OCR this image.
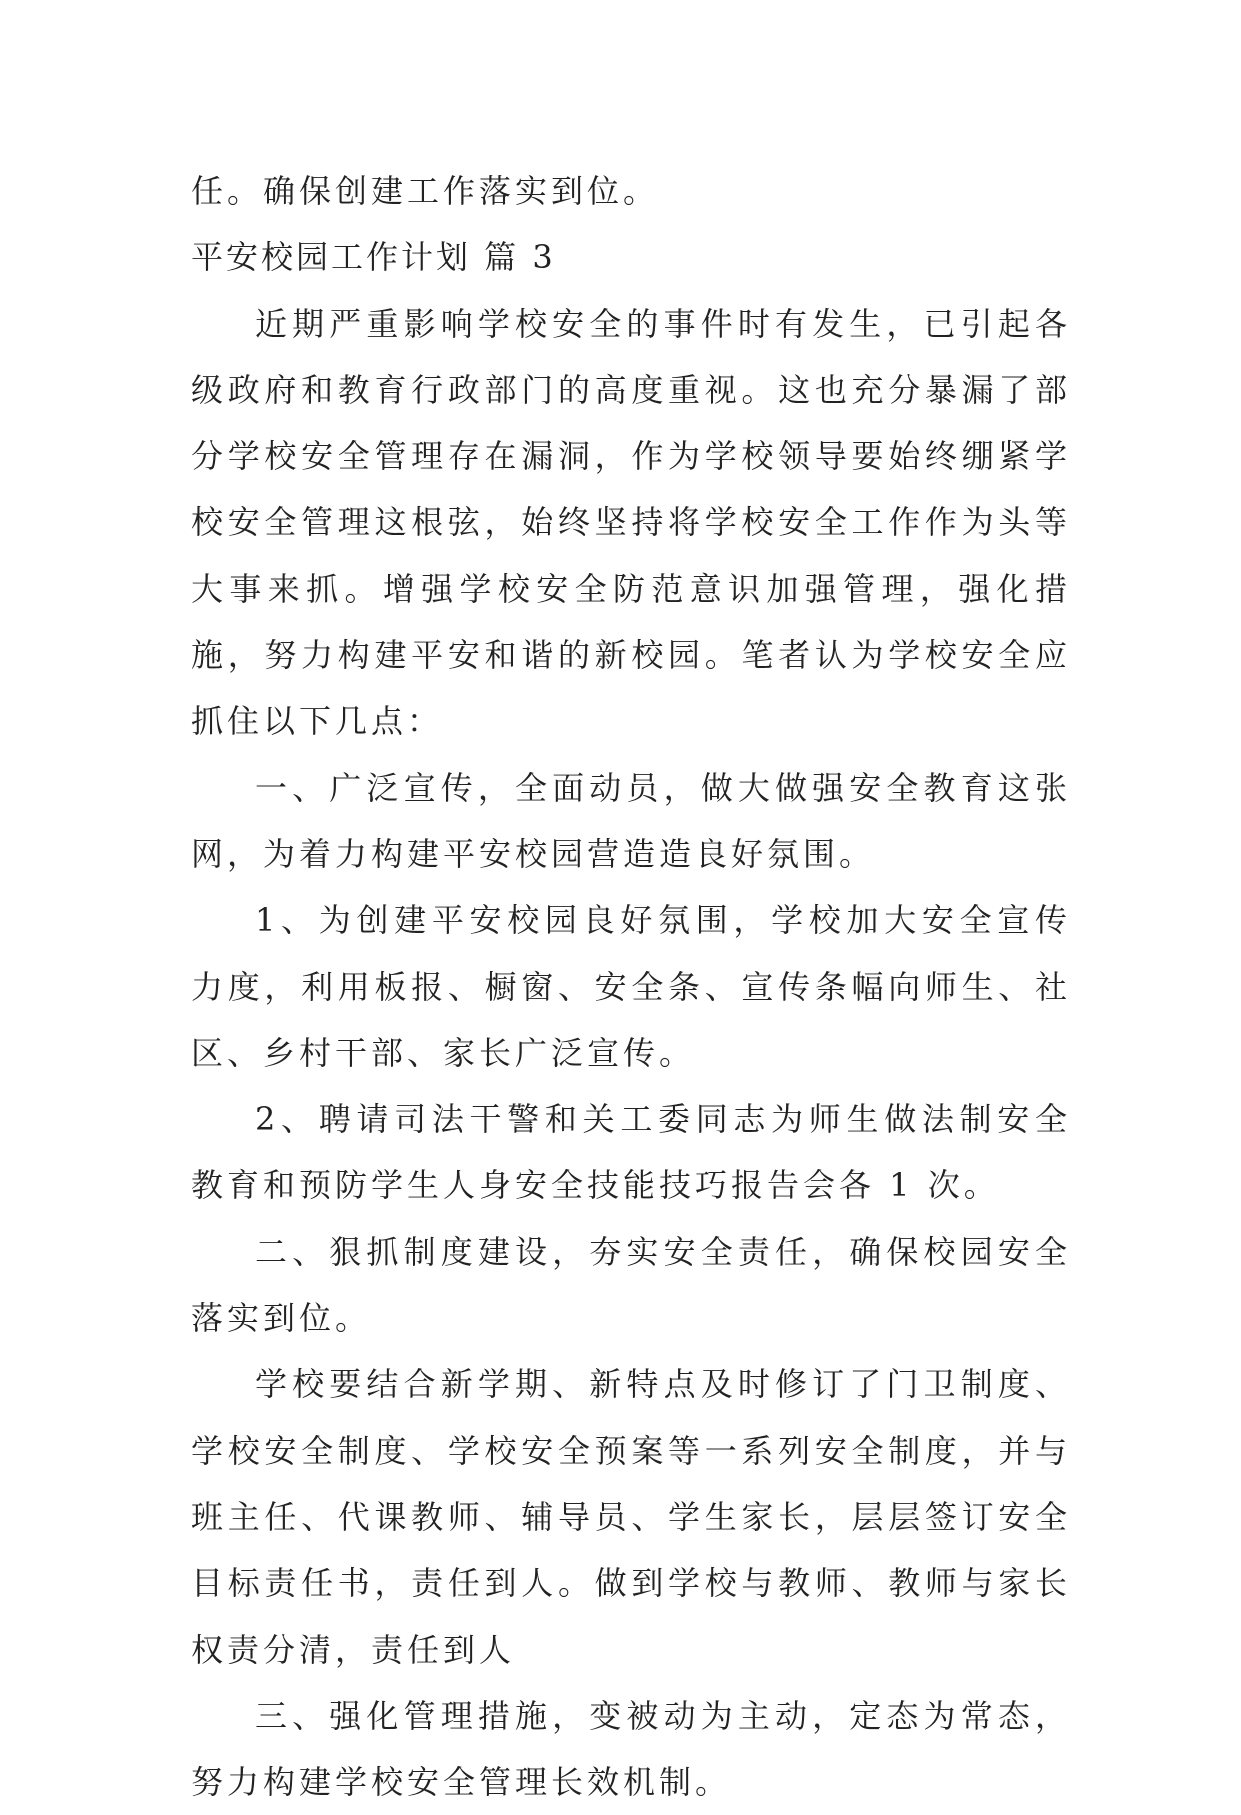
任。确保创建工作落实到位。

平安校园工作计划 篇 3

近期严重影响学校安全的事件时有发生，已引起各级政府和教育行政部门的高度重视。这也充分暴漏了部分学校安全管理存在漏洞，作为学校领导要始终绷紧学校安全管理这根弦，始终坚持将学校安全工作作为头等大事来抓。增强学校安全防范意识加强管理，强化措施，努力构建平安和谐的新校园。笔者认为学校安全应抓住以下几点：

一、广泛宣传，全面动员，做大做强安全教育这张网，为着力构建平安校园营造造良好氛围。

1、为创建平安校园良好氛围，学校加大安全宣传力度，利用板报、橱窗、安全条、宣传条幅向师生、社区、乡村干部、家长广泛宣传。

2、聘请司法干警和关工委同志为师生做法制安全教育和预防学生人身安全技能技巧报告会各 1 次。

二、狠抓制度建设，夯实安全责任，确保校园安全落实到位。

学校要结合新学期、新特点及时修订了门卫制度、学校安全制度、学校安全预案等一系列安全制度，并与班主任、代课教师、辅导员、学生家长，层层签订安全目标责任书，责任到人。做到学校与教师、教师与家长权责分清，责任到人

三、强化管理措施，变被动为主动，定态为常态，努力构建学校安全管理长效机制。
